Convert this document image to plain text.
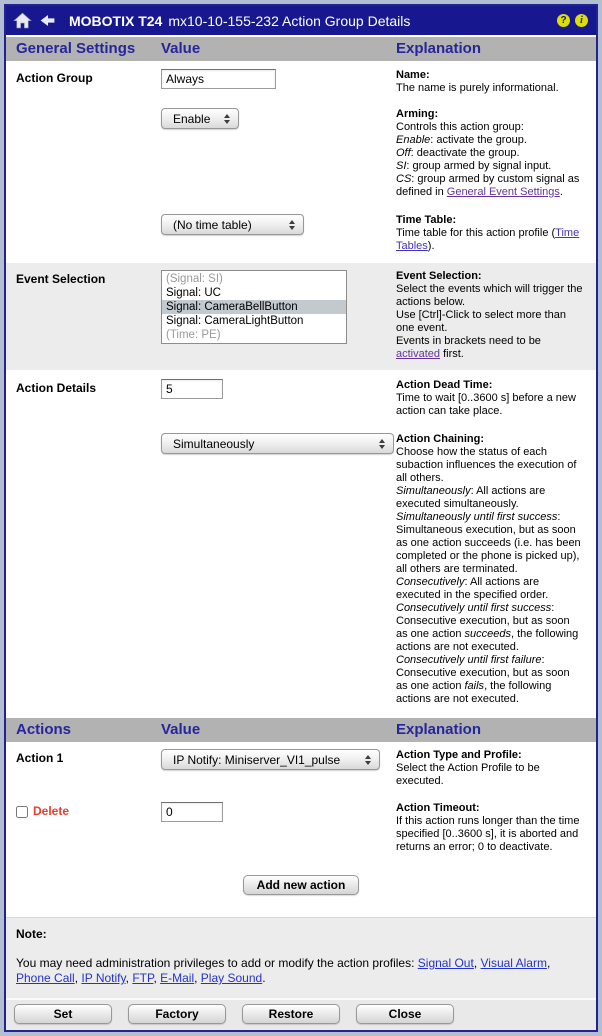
MOBOTIX T24 mx10-10-155-232 Action Group Details	?	i
General Settings	Value	Explanation
Action Group
Always	Name:
The name is purely informational.
Enable	Arming:
Controls this action group:
Enable: activate the group.
Off: deactivate the group.
SI: group armed by signal input.
CS: group armed by custom signal as defined in General Event Settings.
(No time table)	Time Table:
Time table for this action profile (Time Tables).
Event Selection	(Signal: SI)
Signal: UC
Signal: CameraBellButton
Signal: CameraLightButton
(Time: PE)
Event Selection:
Select the events which will trigger the actions below.
Use [Ctrl]-Click to select more than one event.
Events in brackets need to be activated first.
Action Details
5	Action Dead Time:
Time to wait [0..3600 s] before a new action can take place.
Simultaneously	Action Chaining:
Choose how the status of each subaction influences the execution of all others.
Simultaneously: All actions are executed simultaneously.
Simultaneously until first success: Simultaneous execution, but as soon as one action succeeds (i.e. has been completed or the phone is picked up), all others are terminated.
Consecutively: All actions are executed in the specified order.
Consecutively until first success: Consecutive execution, but as soon as one action succeeds, the following actions are not executed.
Consecutively until first failure: Consecutive execution, but as soon as one action fails, the following actions are not executed.
Actions	Value	Explanation
Action 1	IP Notify: Miniserver_VI1_pulse	Action Type and Profile:
Select the Action Profile to be executed.
Delete
0	Action Timeout:
If this action runs longer than the time specified [0..3600 s], it is aborted and returns an error; 0 to deactivate.
Add new action
Note:
You may need administration privileges to add or modify the action profiles: Signal Out, Visual Alarm, Phone Call, IP Notify, FTP, E-Mail, Play Sound.
Set	Factory	Restore	Close
